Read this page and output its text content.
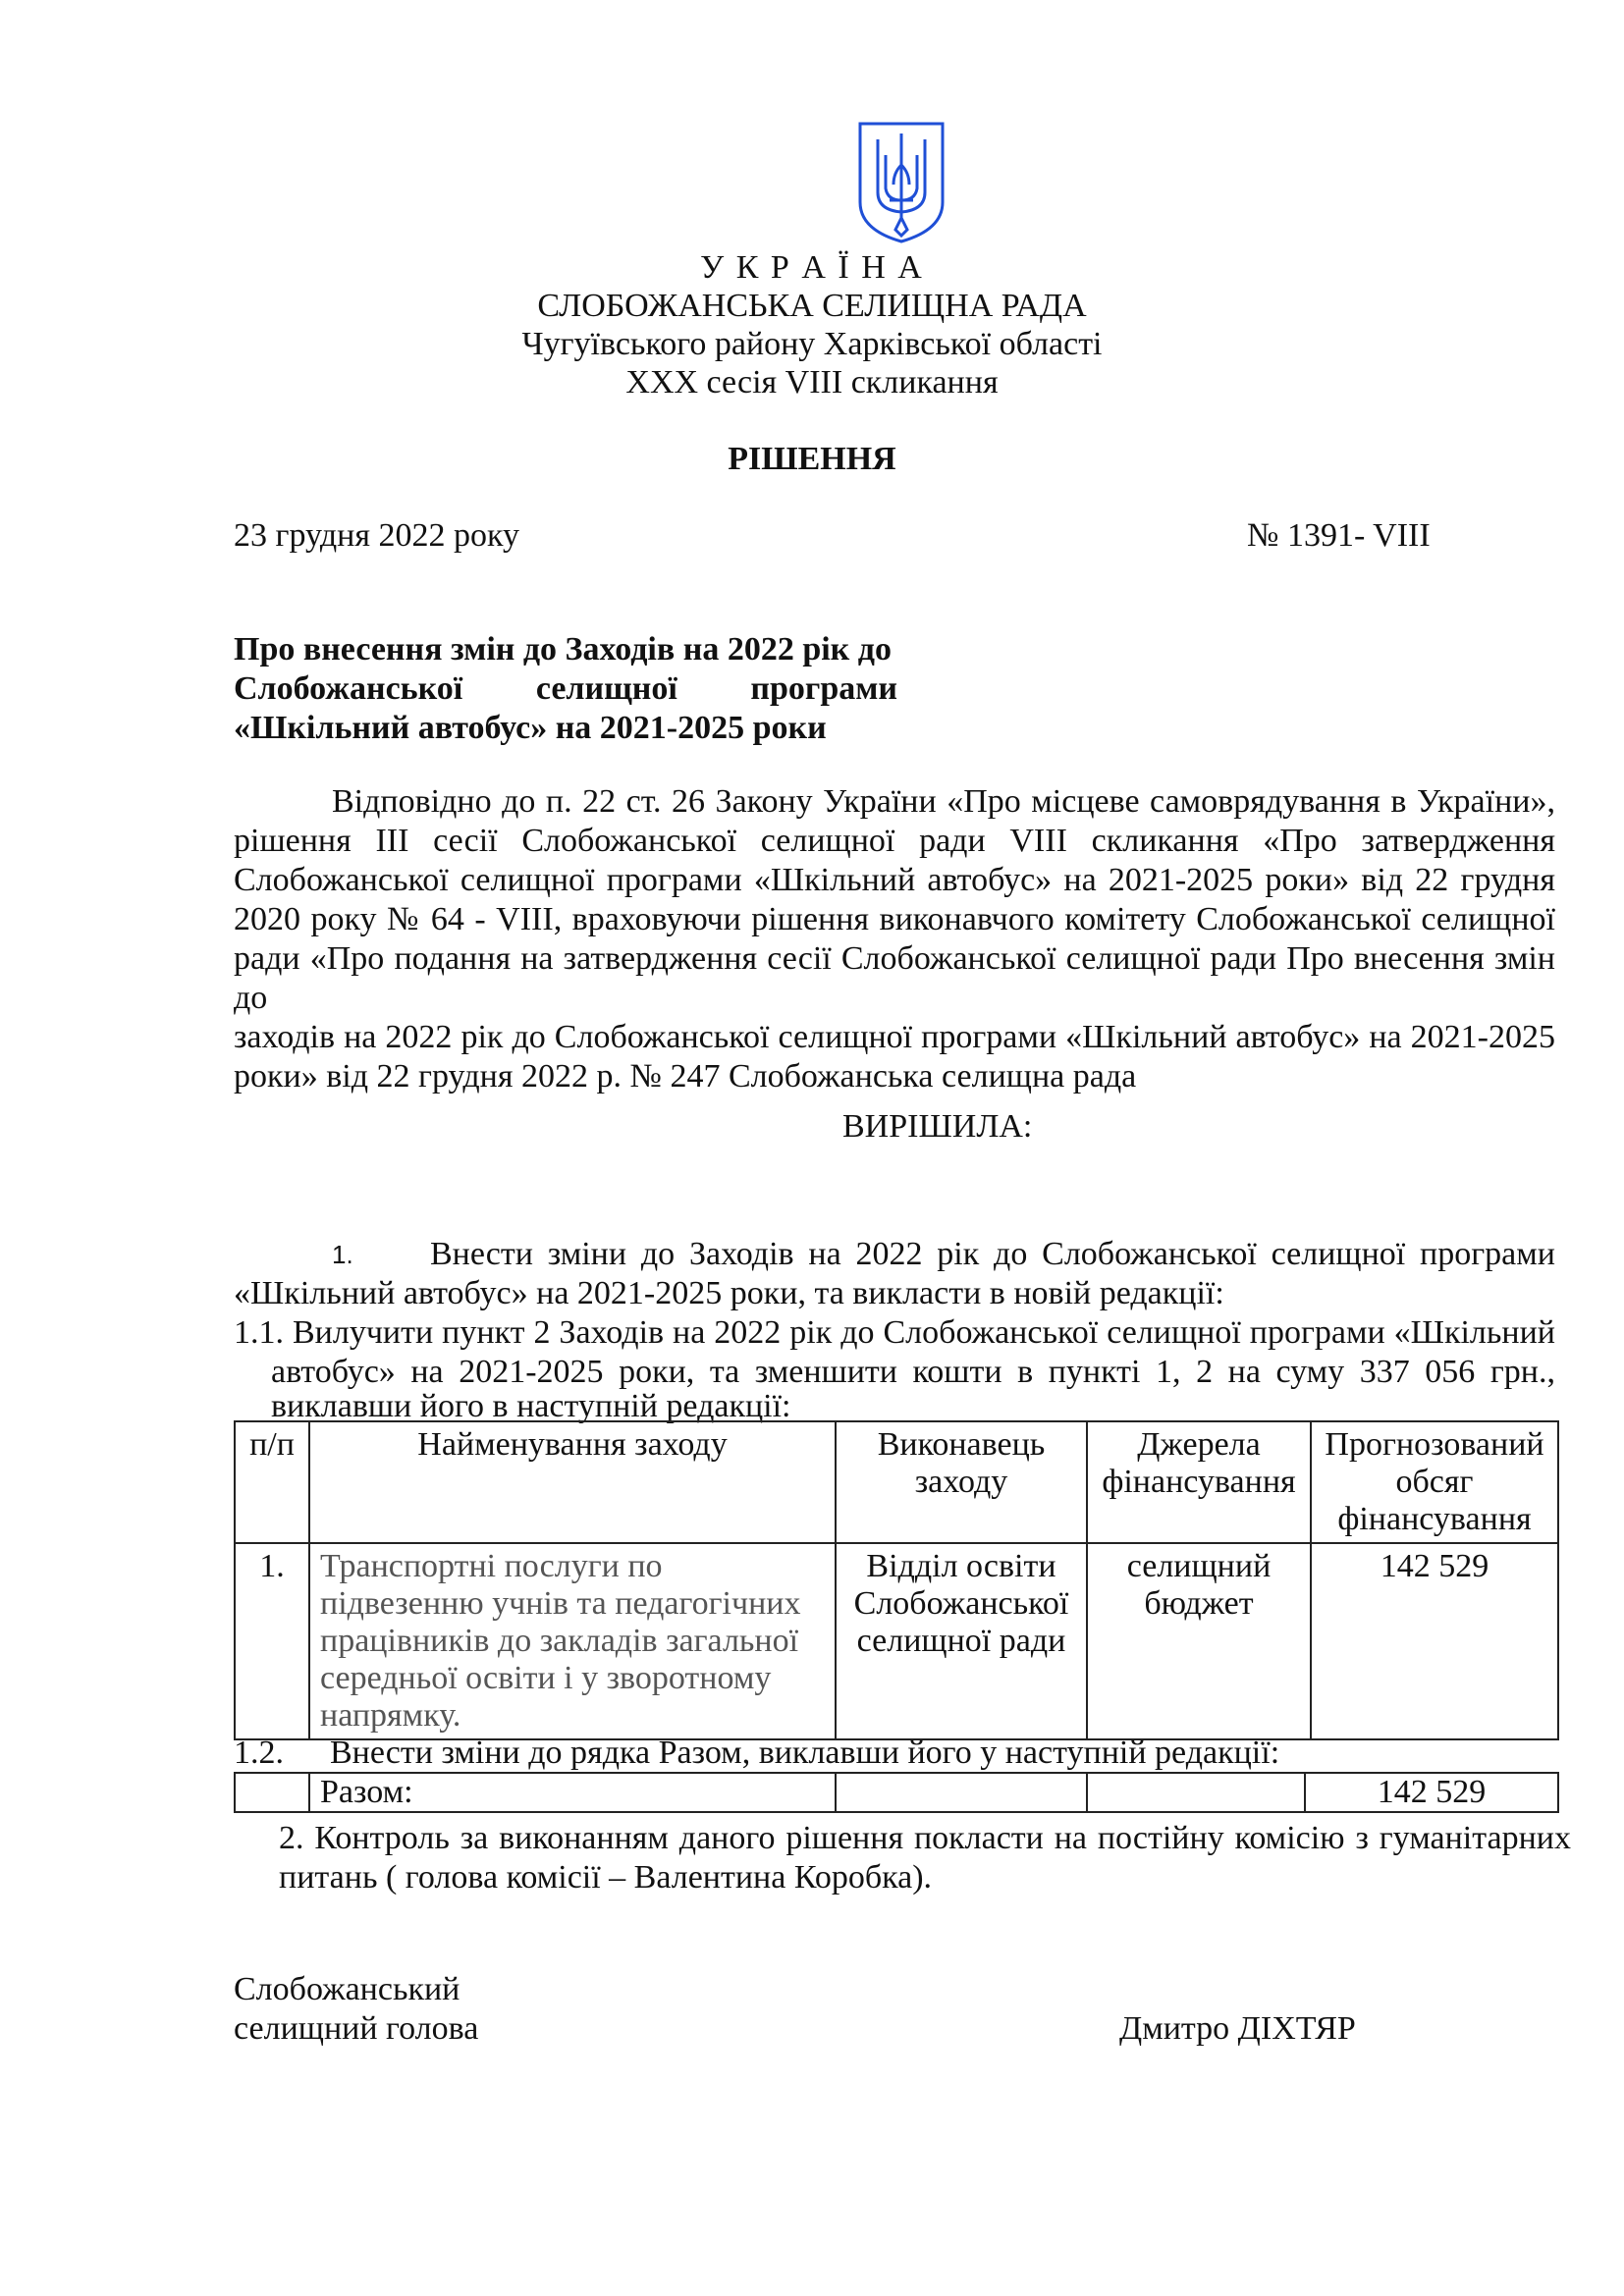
У К Р А Ї Н А
СЛОБОЖАНСЬКА СЕЛИЩНА РАДА
Чугуївського району Харківської області
ХХХ сесія VIII скликання
РІШЕННЯ
23 грудня 2022 року	№ 1391- VIII
Про внесення змін до Заходів на 2022 рік до
Слобожанської селищної програми
«Шкільний автобус» на 2021-2025 роки
Відповідно до п. 22 ст. 26 Закону України «Про місцеве самоврядування в України»,
рішення III сесії Слобожанської селищної ради VIII скликання «Про затвердження
Слобожанської селищної програми «Шкільний автобус» на 2021-2025 роки» від 22 грудня
2020 року № 64 - VIII, враховуючи рішення виконавчого комітету Слобожанської селищної
ради «Про подання на затвердження сесії Слобожанської селищної ради Про внесення змін до
заходів на 2022 рік до Слобожанської селищної програми «Шкільний автобус» на 2021-2025
роки» від 22 грудня 2022 р. № 247 Слобожанська селищна рада
ВИРІШИЛА:
1.	Внести зміни до Заходів на 2022 рік до Слобожанської селищної програми
«Шкільний автобус» на 2021-2025 роки, та викласти в новій редакції:
1.1. Вилучити пункт 2 Заходів на 2022 рік до Слобожанської селищної програми «Шкільний
автобус» на 2021-2025 роки, та зменшити кошти в пункті 1, 2 на суму 337 056 грн.,
виклавши його в наступній редакції:
п/п	Найменування заходу	Виконавець заходу	Джерела фінансування	Прогнозований обсяг фінансування
1.	Транспортні послуги по підвезенню учнів та педагогічних працівників до закладів загальної середньої освіти і у зворотному напрямку.	Відділ освіти Слобожанської селищної ради	селищний бюджет	142 529
1.2.	Внести зміни до рядка Разом, виклавши його у наступній редакції:
	Разом:			142 529
2. Контроль за виконанням даного рішення покласти на постійну комісію з гуманітарних
питань ( голова комісії – Валентина Коробка).
Слобожанський
селищний голова	Дмитро ДІХТЯР
